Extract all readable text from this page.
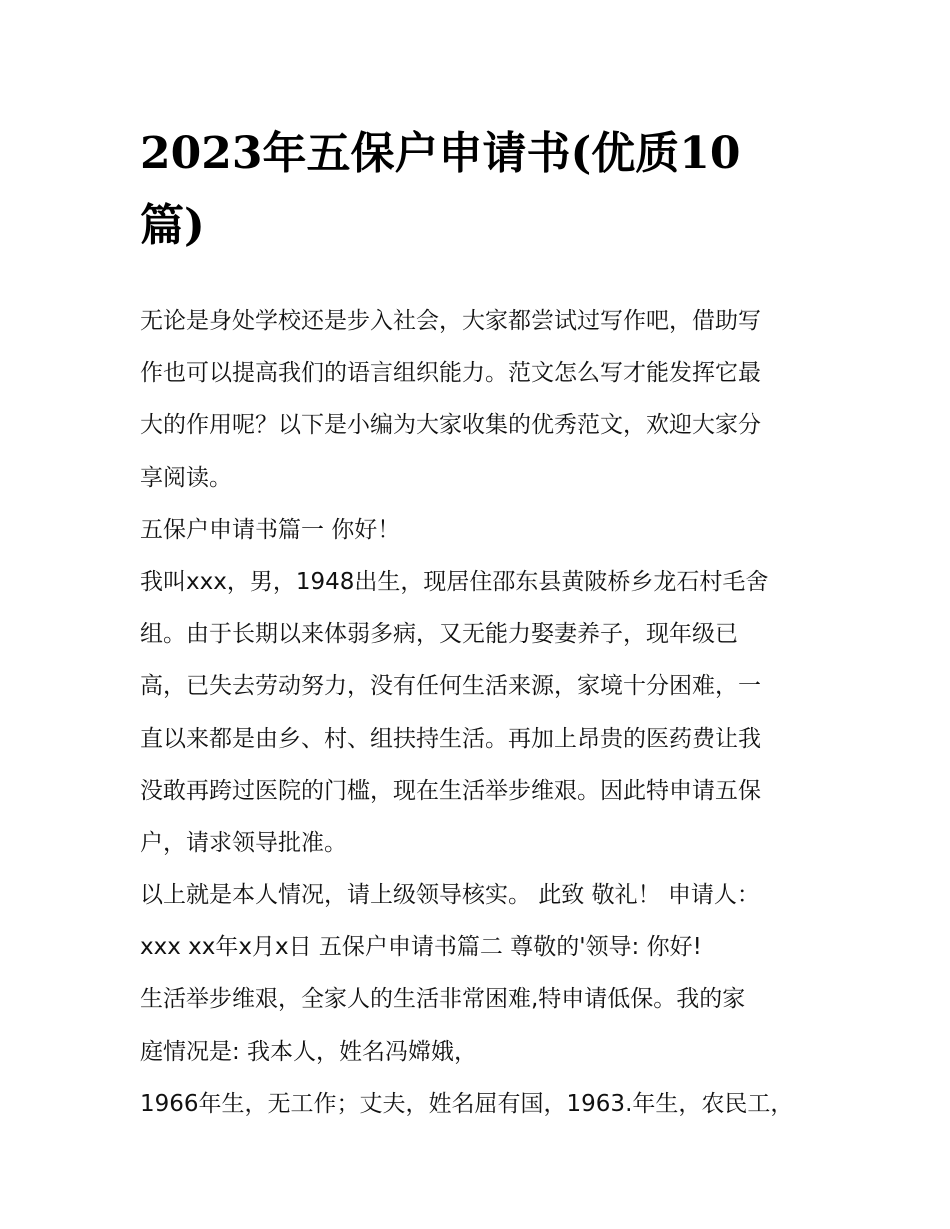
2023年五保户申请书(优质10
篇)
无论是身处学校还是步入社会，大家都尝试过写作吧，借助写
作也可以提高我们的语言组织能力。范文怎么写才能发挥它最
大的作用呢？以下是小编为大家收集的优秀范文，欢迎大家分
享阅读。
五保户申请书篇一 你好！
我叫xxx，男，1948出生，现居住邵东县黄陂桥乡龙石村毛舍
组。由于长期以来体弱多病，又无能力娶妻养子，现年级已
高，已失去劳动努力，没有任何生活来源，家境十分困难，一
直以来都是由乡、村、组扶持生活。再加上昂贵的医药费让我
没敢再跨过医院的门槛，现在生活举步维艰。因此特申请五保
户，请求领导批准。
以上就是本人情况，请上级领导核实。 此致 敬礼！ 申请人：
xxx xx年x月x日 五保户申请书篇二 尊敬的'领导: 你好!
生活举步维艰，全家人的生活非常困难,特申请低保。我的家
庭情况是: 我本人，姓名冯嫦娥，
1966年生，无工作；丈夫，姓名屈有国，1963.年生，农民工，
